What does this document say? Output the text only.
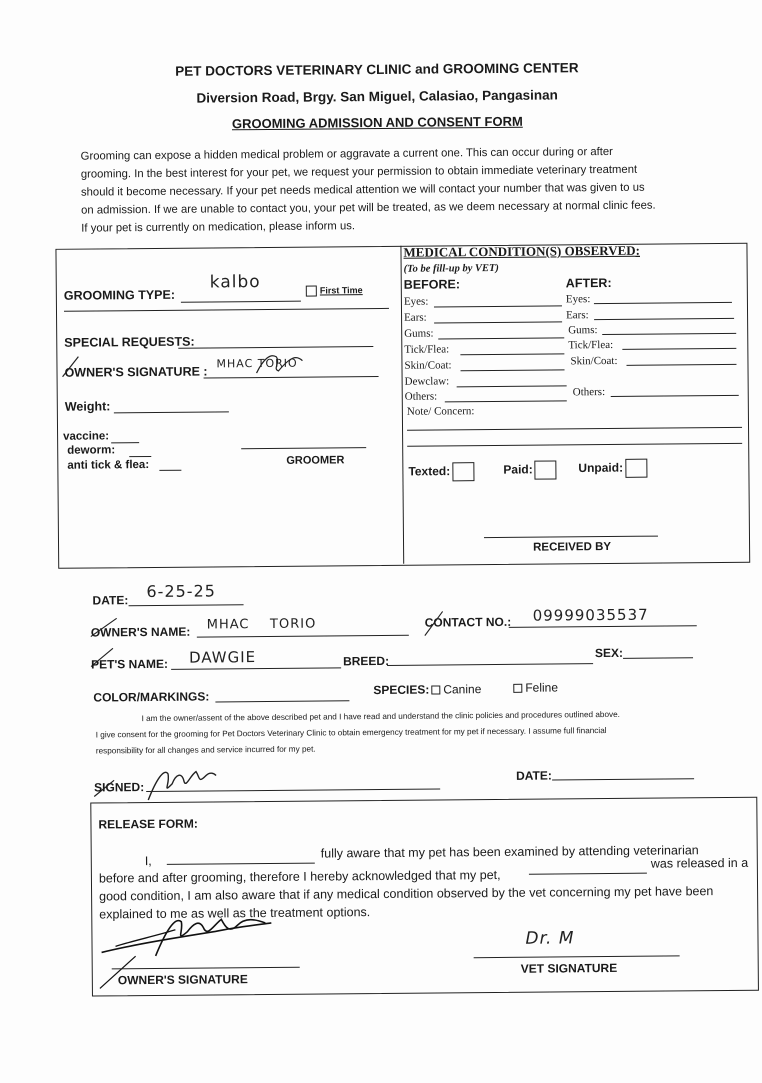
PET DOCTORS VETERINARY CLINIC and GROOMING CENTER
Diversion Road, Brgy. San Miguel, Calasiao, Pangasinan
GROOMING ADMISSION AND CONSENT FORM
Grooming can expose a hidden medical problem or aggravate a current one. This can occur during or after
grooming. In the best interest for your pet, we request your permission to obtain immediate veterinary treatment
should it become necessary. If your pet needs medical attention we will contact your number that was given to us
on admission. If we are unable to contact you, your pet will be treated, as we deem necessary at normal clinic fees.
If your pet is currently on medication, please inform us.
GROOMING TYPE:
kalbo	First Time
SPECIAL REQUESTS:
OWNER'S SIGNATURE :
MHAC TORIO
Weight:
vaccine:
deworm:
anti tick & flea:	GROOMER
MEDICAL CONDITION(S) OBSERVED:
(To be fill-up by VET)
BEFORE:	AFTER:
Eyes:
Ears:
Gums:
Tick/Flea:
Skin/Coat:
Dewclaw:
Others:
Eyes:
Ears:
Gums:
Tick/Flea:
Skin/Coat:
Others:
Note/ Concern:
Texted:	Paid:	Unpaid:
RECEIVED BY
DATE: 6-25-25
OWNER'S NAME: MHAC    TORIO	CONTACT NO.: 09999035537
PET'S NAME: DAWGIE	BREED:
SEX:
COLOR/MARKINGS:	SPECIES:	Canine	Feline
I am the owner/assent of the above described pet and I have read and understand the clinic policies and procedures outlined above.
I give consent for the grooming for Pet Doctors Veterinary Clinic to obtain emergency treatment for my pet if necessary. I assume full financial
responsibility for all changes and service incurred for my pet.
SIGNED:
DATE:
RELEASE FORM:
I,
fully aware that my pet has been examined by attending veterinarian
before and after grooming, therefore I hereby acknowledged that my pet,
was released in a
good condition, I am also aware that if any medical condition observed by the vet concerning my pet have been
explained to me as well as the treatment options.
OWNER'S SIGNATURE
Dr. M
VET SIGNATURE
